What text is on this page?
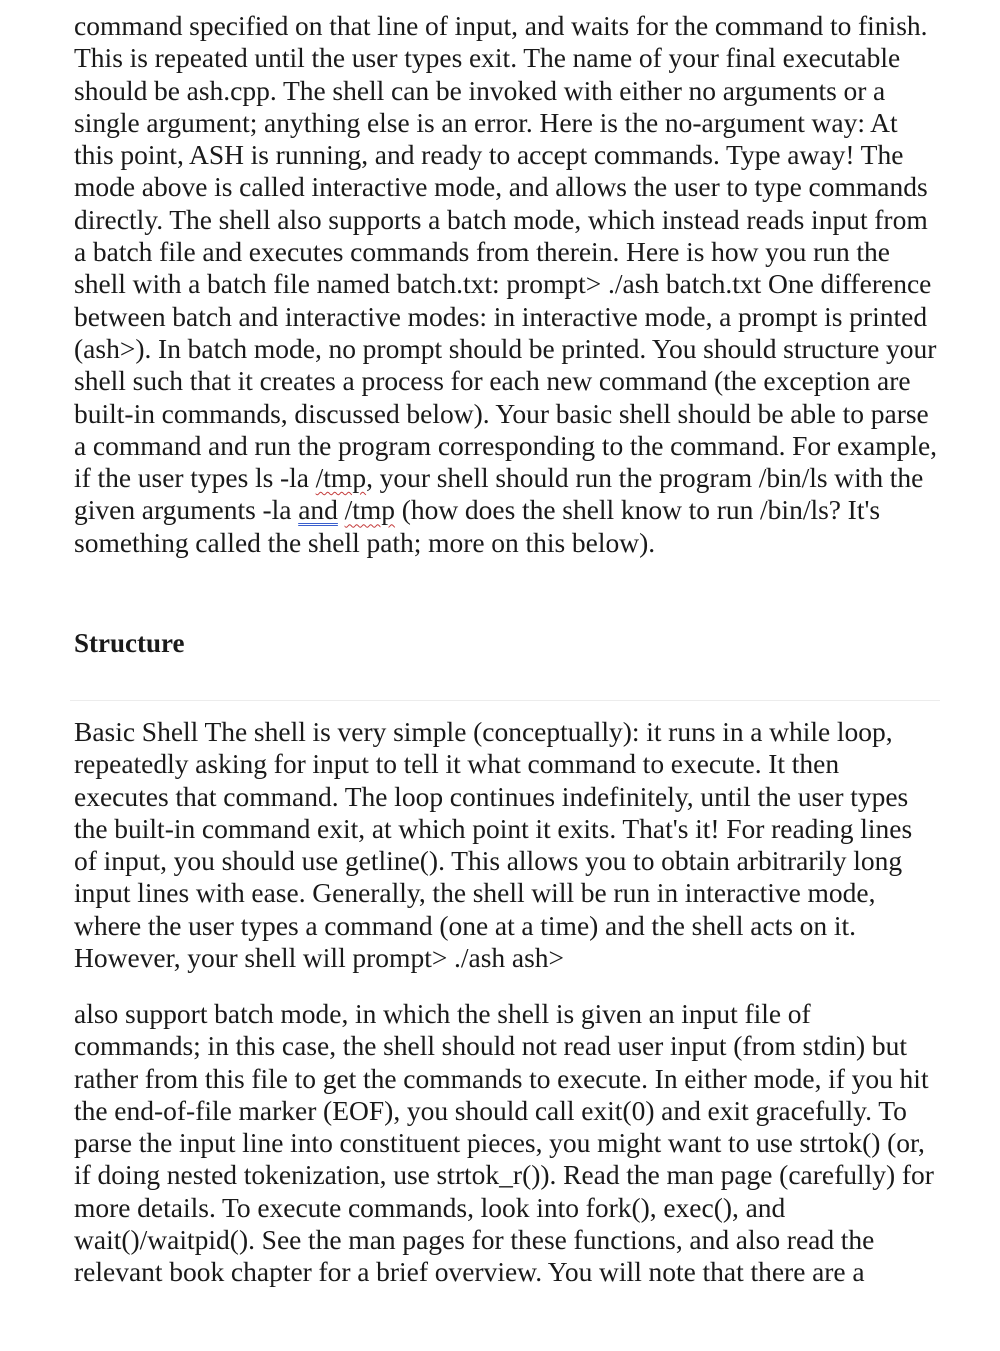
command specified on that line of input, and waits for the command to finish. This is repeated until the user types exit. The name of your final executable should be ash.cpp. The shell can be invoked with either no arguments or a single argument; anything else is an error. Here is the no-argument way: At this point, ASH is running, and ready to accept commands. Type away! The mode above is called interactive mode, and allows the user to type commands directly. The shell also supports a batch mode, which instead reads input from a batch file and executes commands from therein. Here is how you run the shell with a batch file named batch.txt: prompt> ./ash batch.txt One difference between batch and interactive modes: in interactive mode, a prompt is printed (ash>). In batch mode, no prompt should be printed. You should structure your shell such that it creates a process for each new command (the exception are built-in commands, discussed below). Your basic shell should be able to parse a command and run the program corresponding to the command. For example, if the user types ls -la /tmp, your shell should run the program /bin/ls with the given arguments -la and /tmp (how does the shell know to run /bin/ls? It's something called the shell path; more on this below).

Structure

Basic Shell The shell is very simple (conceptually): it runs in a while loop, repeatedly asking for input to tell it what command to execute. It then executes that command. The loop continues indefinitely, until the user types the built-in command exit, at which point it exits. That's it! For reading lines of input, you should use getline(). This allows you to obtain arbitrarily long input lines with ease. Generally, the shell will be run in interactive mode, where the user types a command (one at a time) and the shell acts on it. However, your shell will prompt> ./ash ash>

also support batch mode, in which the shell is given an input file of commands; in this case, the shell should not read user input (from stdin) but rather from this file to get the commands to execute. In either mode, if you hit the end-of-file marker (EOF), you should call exit(0) and exit gracefully. To parse the input line into constituent pieces, you might want to use strtok() (or, if doing nested tokenization, use strtok_r()). Read the man page (carefully) for more details. To execute commands, look into fork(), exec(), and wait()/waitpid(). See the man pages for these functions, and also read the relevant book chapter for a brief overview. You will note that there are a
